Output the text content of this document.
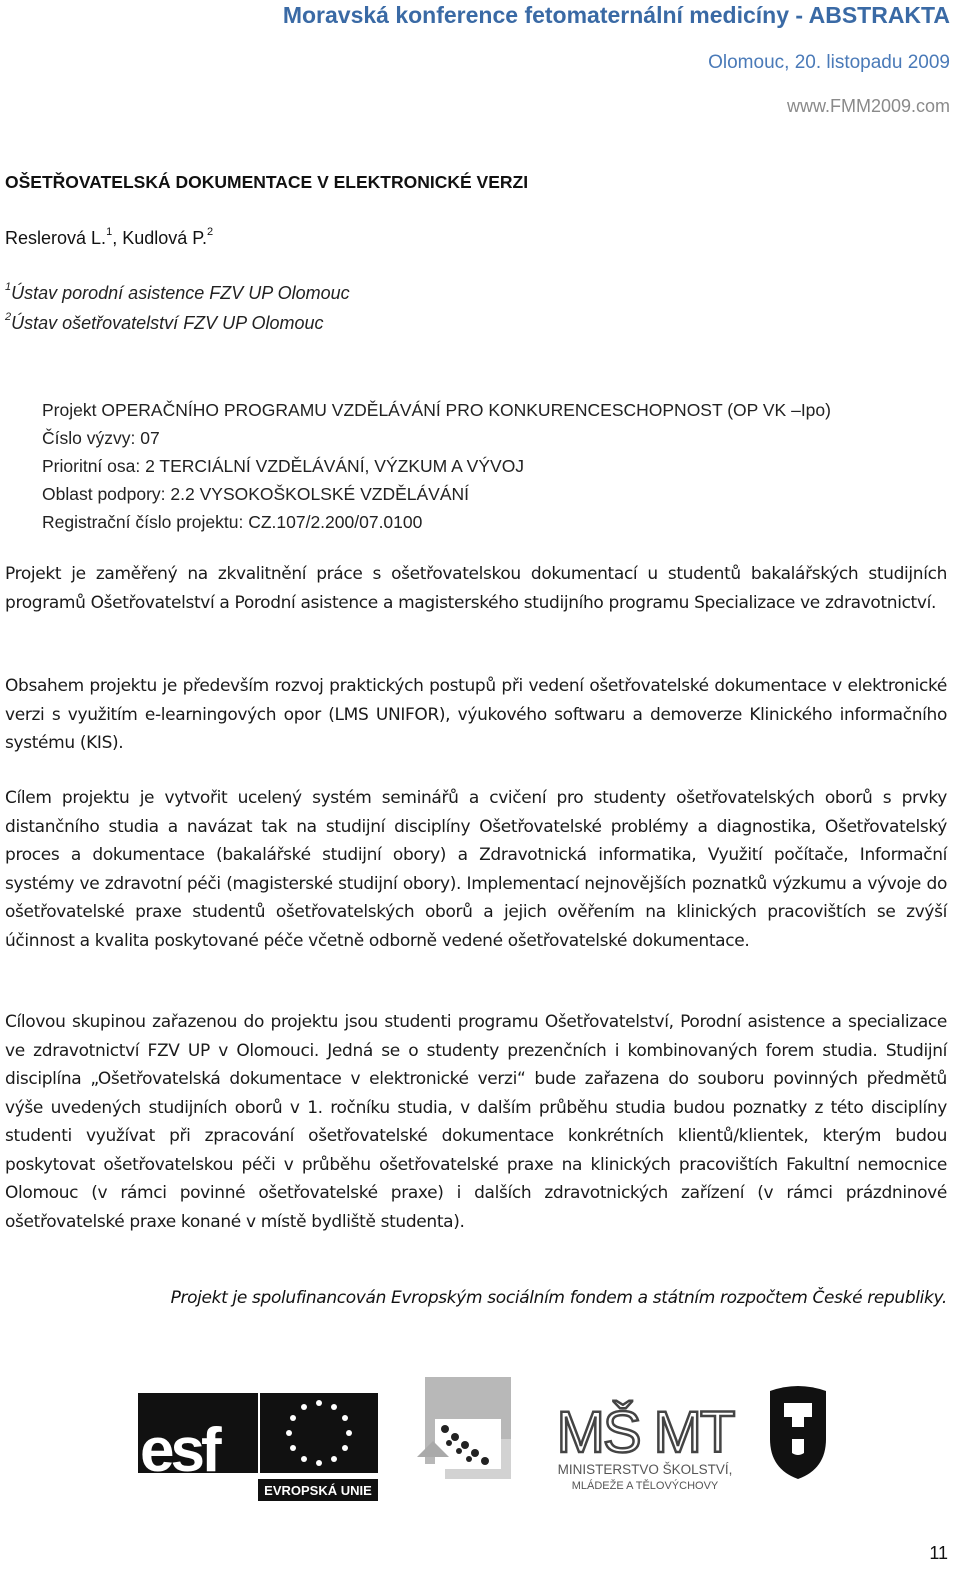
Moravská konference fetomaternální medicíny - ABSTRAKTA
Olomouc, 20. listopadu 2009
www.FMM2009.com
OŠETŘOVATELSKÁ DOKUMENTACE V ELEKTRONICKÉ VERZI
Reslerová L.$^1$, Kudlová P.$^2$
$^1$Ústav porodní asistence FZV UP Olomouc
$^2$Ústav ošetřovatelství FZV UP Olomouc
Projekt OPERAČNÍHO PROGRAMU VZDĚLÁVÁNÍ PRO KONKURENCESCHOPNOST (OP VK –Ipo)
Číslo výzvy: 07
Prioritní osa: 2 TERCIÁLNÍ VZDĚLÁVÁNÍ, VÝZKUM A VÝVOJ
Oblast podpory: 2.2 VYSOKOŠKOLSKÉ VZDĚLÁVÁNÍ
Registrační číslo projektu: CZ.107/2.200/07.0100
Projekt je zaměřený na zkvalitnění práce s ošetřovatelskou dokumentací u studentů bakalářských studijních programů Ošetřovatelství a Porodní asistence a magisterského studijního programu Specializace ve zdravotnictví.
Obsahem projektu je především rozvoj praktických postupů při vedení ošetřovatelské dokumentace v elektronické verzi s využitím e-learningových opor (LMS UNIFOR), výukového softwaru a demoverze Klinického informačního systému (KIS).
Cílem projektu je vytvořit ucelený systém seminářů a cvičení pro studenty ošetřovatelských oborů s prvky distančního studia a navázat tak na studijní disciplíny Ošetřovatelské problémy a diagnostika, Ošetřovatelský proces a dokumentace (bakalářské studijní obory) a Zdravotnická informatika, Využití počítače, Informační systémy ve zdravotní péči (magisterské studijní obory). Implementací nejnovějších poznatků výzkumu a vývoje do ošetřovatelské praxe studentů ošetřovatelských oborů a jejich ověřením na klinických pracovištích se zvýší účinnost a kvalita poskytované péče včetně odborně vedené ošetřovatelské dokumentace.
Cílovou skupinou zařazenou do projektu jsou studenti programu Ošetřovatelství, Porodní asistence a specializace ve zdravotnictví FZV UP v Olomouci. Jedná se o studenty prezenčních i kombinovaných forem studia. Studijní disciplína „Ošetřovatelská dokumentace v elektronické verzi“ bude zařazena do souboru povinných předmětů výše uvedených studijních oborů v 1. ročníku studia, v dalším průběhu studia budou poznatky z této disciplíny studenti využívat při zpracování ošetřovatelské dokumentace konkrétních klientů/klientek, kterým budou poskytovat ošetřovatelskou péči v průběhu ošetřovatelské praxe na klinických pracovištích Fakultní nemocnice Olomouc (v rámci povinné ošetřovatelské praxe) i dalších zdravotnických zařízení (v rámci prázdninové ošetřovatelské praxe konané v místě bydliště studenta).
Projekt je spolufinancován Evropským sociálním fondem a státním rozpočtem České republiky.
esf
EVROPSKÁ UNIE
MŠ MT
MINISTERSTVO ŠKOLSTVÍ,
MLÁDEŽE A TĚLOVÝCHOVY
11
